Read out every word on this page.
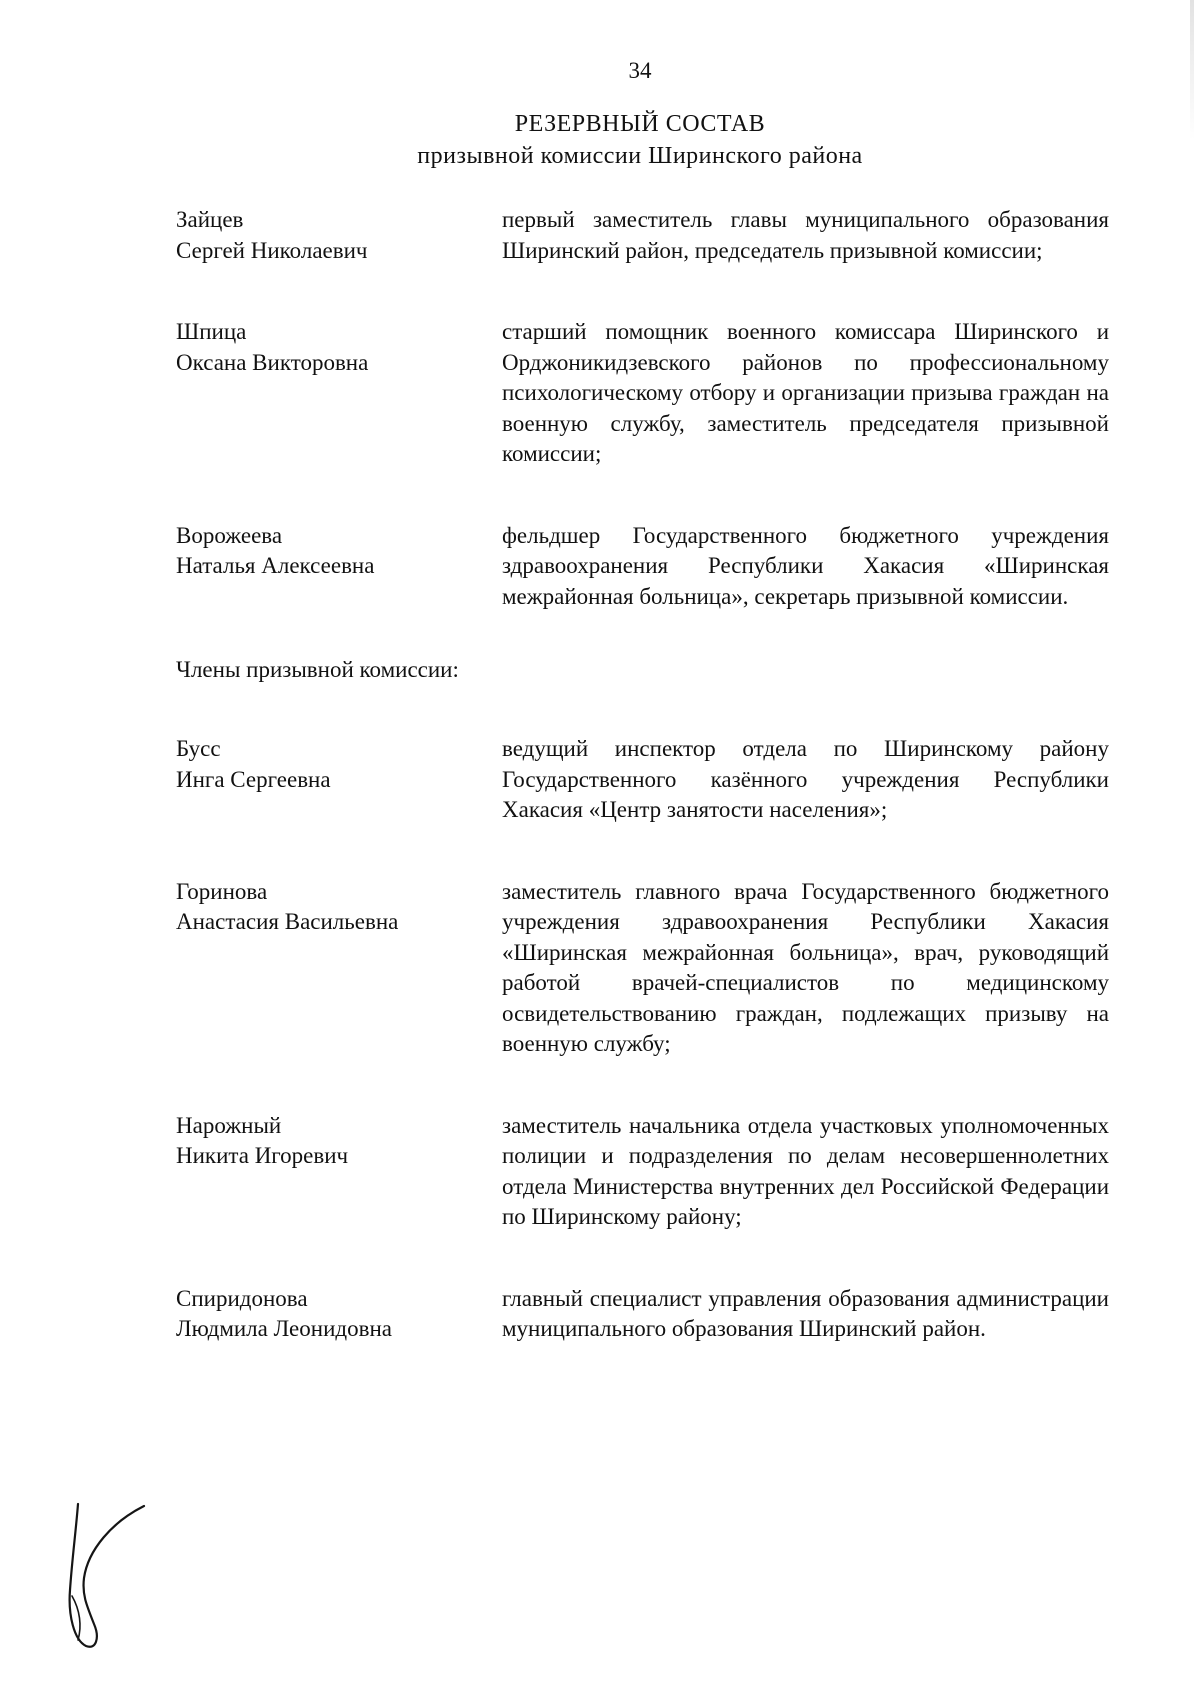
34
РЕЗЕРВНЫЙ СОСТАВ
призывной комиссии Ширинского района
Зайцев
Сергей Николаевич
первый заместитель главы муниципального образования Ширинский район, председатель призывной комиссии;
Шпица
Оксана Викторовна
старший помощник военного комиссара Ширинского и Орджоникидзевского районов по профессиональному психологическому отбору и организации призыва граждан на военную службу, заместитель председателя призывной комиссии;
Ворожеева
Наталья Алексеевна
фельдшер Государственного бюджетного учреждения здравоохранения Республики Хакасия «Ширинская межрайонная больница», секретарь призывной комиссии.
Члены призывной комиссии:
Бусс
Инга Сергеевна
ведущий инспектор отдела по Ширинскому району Государственного казённого учреждения Республики Хакасия «Центр занятости населения»;
Горинова
Анастасия Васильевна
заместитель главного врача Государственного бюджетного учреждения здравоохранения Республики Хакасия «Ширинская межрайонная больница», врач, руководящий работой врачей-специалистов по медицинскому освидетельствованию граждан, подлежащих призыву на военную службу;
Нарожный
Никита Игоревич
заместитель начальника отдела участковых уполномоченных полиции и подразделения по делам несовершеннолетних отдела Министерства внутренних дел Российской Федерации по Ширинскому району;
Спиридонова
Людмила Леонидовна
главный специалист управления образования администрации муниципального образования Ширинский район.
